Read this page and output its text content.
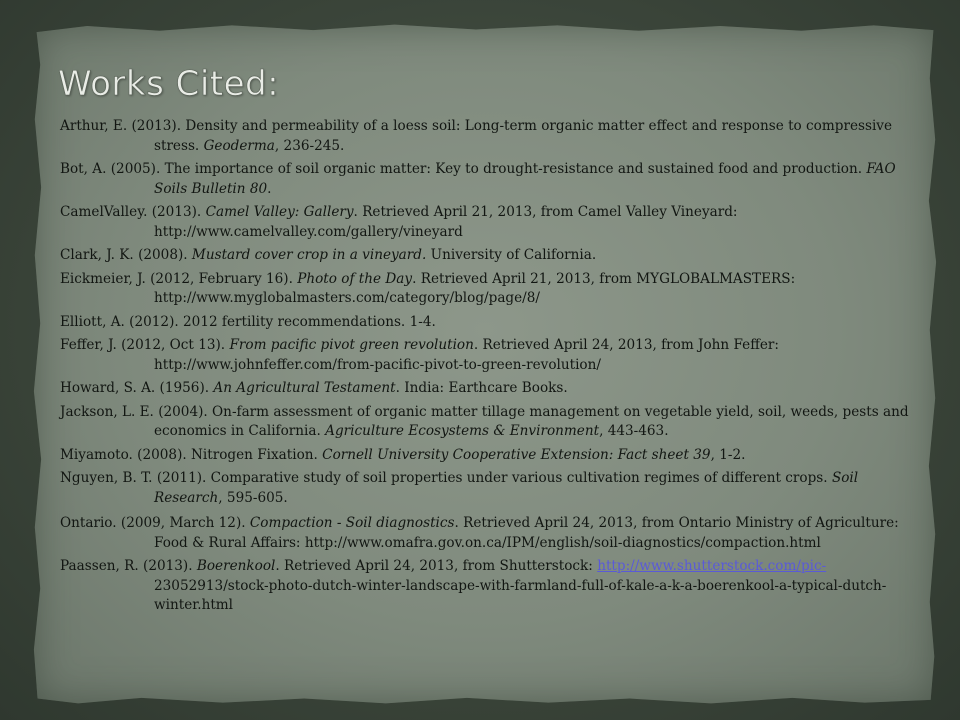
Works Cited:
Arthur, E. (2013). Density and permeability of a loess soil: Long-term organic matter effect and response to compressive stress. Geoderma, 236-245.
Bot, A. (2005). The importance of soil organic matter: Key to drought-resistance and sustained food and production. FAO Soils Bulletin 80.
CamelValley. (2013). Camel Valley: Gallery. Retrieved April 21, 2013, from Camel Valley Vineyard: http://www.camelvalley.com/gallery/vineyard
Clark, J. K. (2008). Mustard cover crop in a vineyard. University of California.
Eickmeier, J. (2012, February 16). Photo of the Day. Retrieved April 21, 2013, from MYGLOBALMASTERS: http://www.myglobalmasters.com/category/blog/page/8/
Elliott, A. (2012). 2012 fertility recommendations. 1-4.
Feffer, J. (2012, Oct 13). From pacific pivot green revolution. Retrieved April 24, 2013, from John Feffer: http://www.johnfeffer.com/from-pacific-pivot-to-green-revolution/
Howard, S. A. (1956). An Agricultural Testament. India: Earthcare Books.
Jackson, L. E. (2004). On-farm assessment of organic matter tillage management on vegetable yield, soil, weeds, pests and economics in California. Agriculture Ecosystems & Environment, 443-463.
Miyamoto. (2008). Nitrogen Fixation. Cornell University Cooperative Extension: Fact sheet 39, 1-2.
Nguyen, B. T. (2011). Comparative study of soil properties under various cultivation regimes of different crops. Soil Research, 595-605.
Ontario. (2009, March 12). Compaction - Soil diagnostics. Retrieved April 24, 2013, from Ontario Ministry of Agriculture: Food & Rural Affairs: http://www.omafra.gov.on.ca/IPM/english/soil-diagnostics/compaction.html
Paassen, R. (2013). Boerenkool. Retrieved April 24, 2013, from Shutterstock: http://www.shutterstock.com/pic-23052913/stock-photo-dutch-winter-landscape-with-farmland-full-of-kale-a-k-a-boerenkool-a-typical-dutch-winter.html
